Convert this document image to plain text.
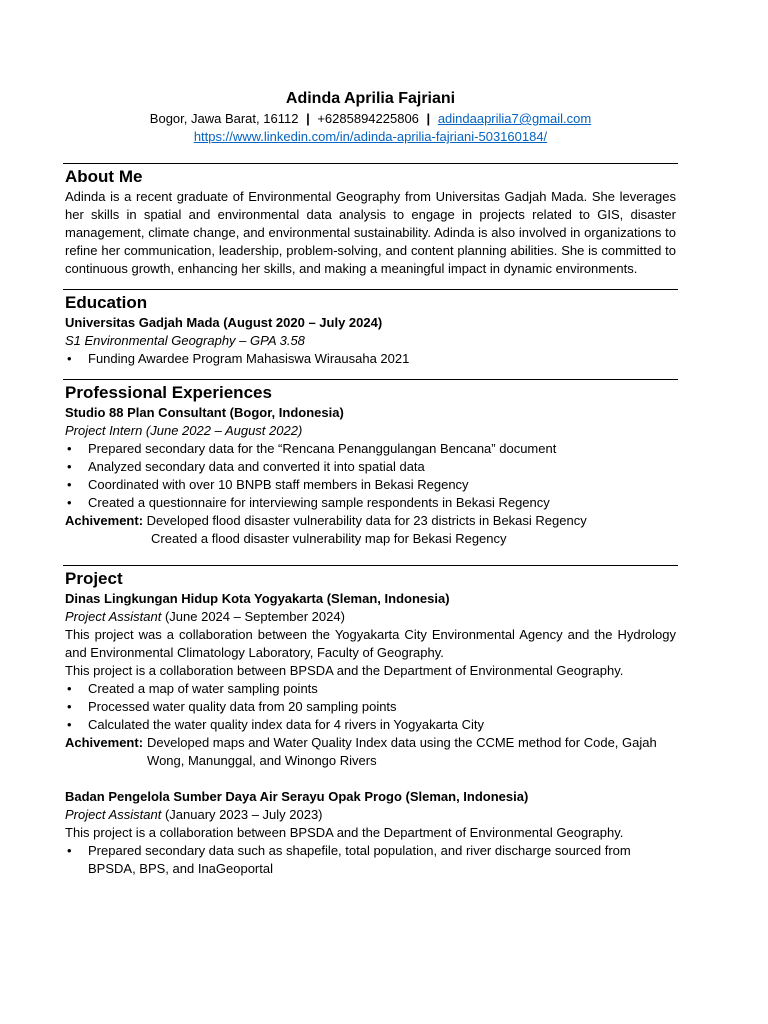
Adinda Aprilia Fajriani
Bogor, Jawa Barat, 16112 | +6285894225806 | adindaaprilia7@gmail.com
https://www.linkedin.com/in/adinda-aprilia-fajriani-503160184/
About Me

Adinda is a recent graduate of Environmental Geography from Universitas Gadjah Mada. She leverages her skills in spatial and environmental data analysis to engage in projects related to GIS, disaster management, climate change, and environmental sustainability. Adinda is also involved in organizations to refine her communication, leadership, problem-solving, and content planning abilities. She is committed to continuous growth, enhancing her skills, and making a meaningful impact in dynamic environments.

Education
Universitas Gadjah Mada (August 2020 – July 2024)
S1 Environmental Geography – GPA 3.58
• Funding Awardee Program Mahasiswa Wirausaha 2021
Professional Experiences
Studio 88 Plan Consultant (Bogor, Indonesia)
Project Intern (June 2022 – August 2022)
• Prepared secondary data for the “Rencana Penanggulangan Bencana” document
• Analyzed secondary data and converted it into spatial data
• Coordinated with over 10 BNPB staff members in Bekasi Regency
• Created a questionnaire for interviewing sample respondents in Bekasi Regency
Achivement: Developed flood disaster vulnerability data for 23 districts in Bekasi Regency
Created a flood disaster vulnerability map for Bekasi Regency
Project
Dinas Lingkungan Hidup Kota Yogyakarta (Sleman, Indonesia)
Project Assistant (June 2024 – September 2024)

This project was a collaboration between the Yogyakarta City Environmental Agency and the Hydrology and Environmental Climatology Laboratory, Faculty of Geography.

This project is a collaboration between BPSDA and the Department of Environmental Geography.

• Created a map of water sampling points
• Processed water quality data from 20 sampling points
• Calculated the water quality index data for 4 rivers in Yogyakarta City
Achivement: Developed maps and Water Quality Index data using the CCME method for Code, Gajah Wong, Manunggal, and Winongo Rivers
Badan Pengelola Sumber Daya Air Serayu Opak Progo (Sleman, Indonesia)
Project Assistant (January 2023 – July 2023)

This project is a collaboration between BPSDA and the Department of Environmental Geography.

• Prepared secondary data such as shapefile, total population, and river discharge sourced from BPSDA, BPS, and InaGeoportal
